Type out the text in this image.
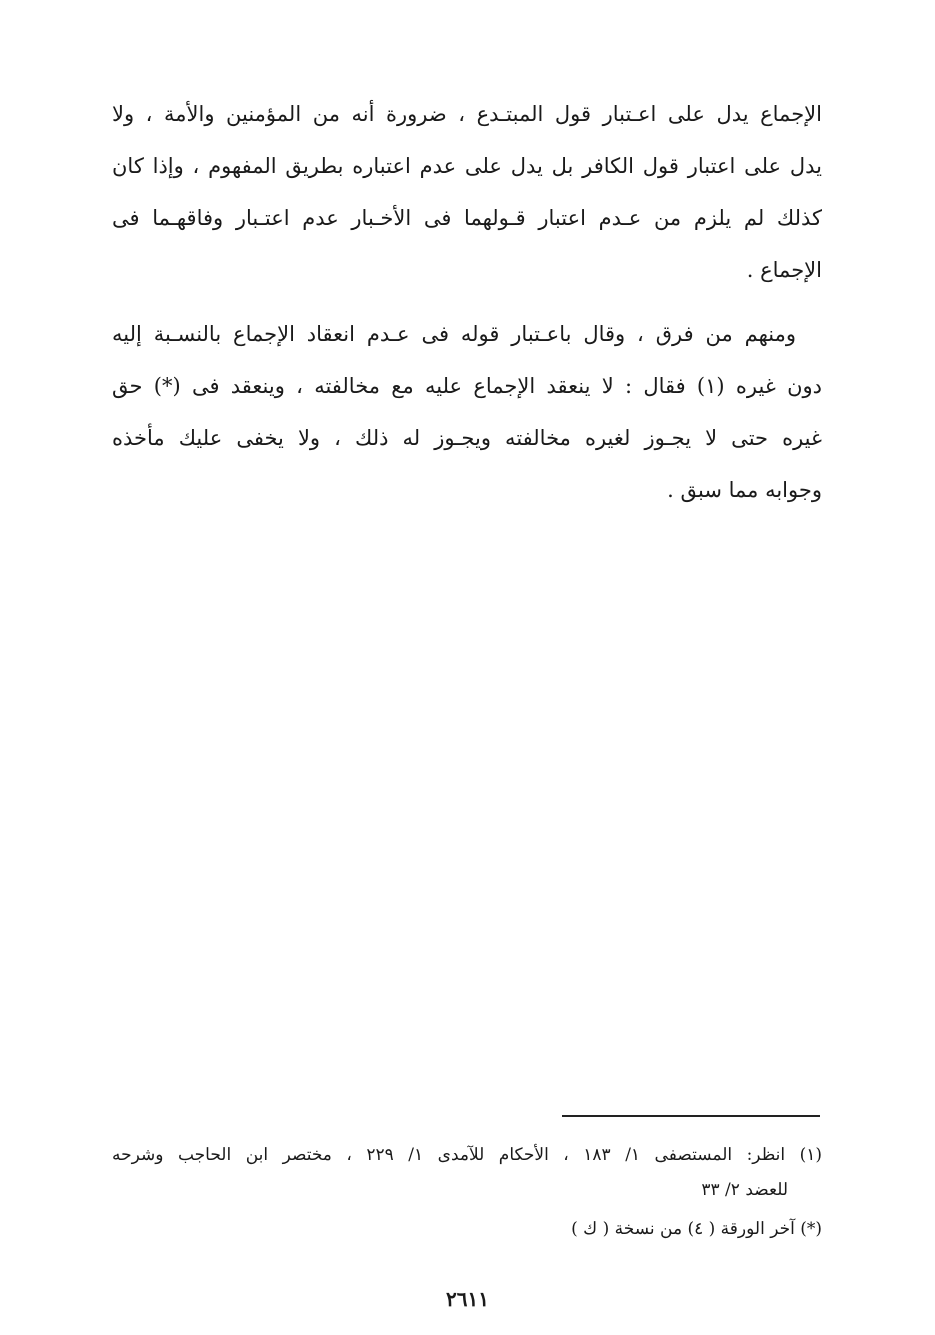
الإجماع يدل على اعـتبار قول المبتـدع ، ضرورة أنه من المؤمنين والأمة ، ولا
يدل على اعتبار قول الكافر بل يدل على عدم اعتباره بطريق المفهوم ، وإذا كان
كذلك لم يلزم من عـدم اعتبار قـولهما فى الأخـبار عدم اعتـبار وفاقهـما فى
الإجماع .
ومنهم من فرق ، وقال باعـتبار قوله فى عـدم انعقاد الإجماع بالنسـبة إليه
دون غيره (١) فقال : لا ينعقد الإجماع عليه مع مخالفته ، وينعقد فى (*) حق
غيره حتى لا يجـوز لغيره مخالفته ويجـوز له ذلك ، ولا يخفى عليك مأخذه
وجوابه مما سبق .
(١) انظر: المستصفى ١/ ١٨٣ ، الأحكام للآمدى ١/ ٢٢٩ ، مختصر ابن الحاجب وشرحه
للعضد ٢/ ٣٣
(*) آخر الورقة ( ٤) من نسخة ( ك )
٢٦١١
